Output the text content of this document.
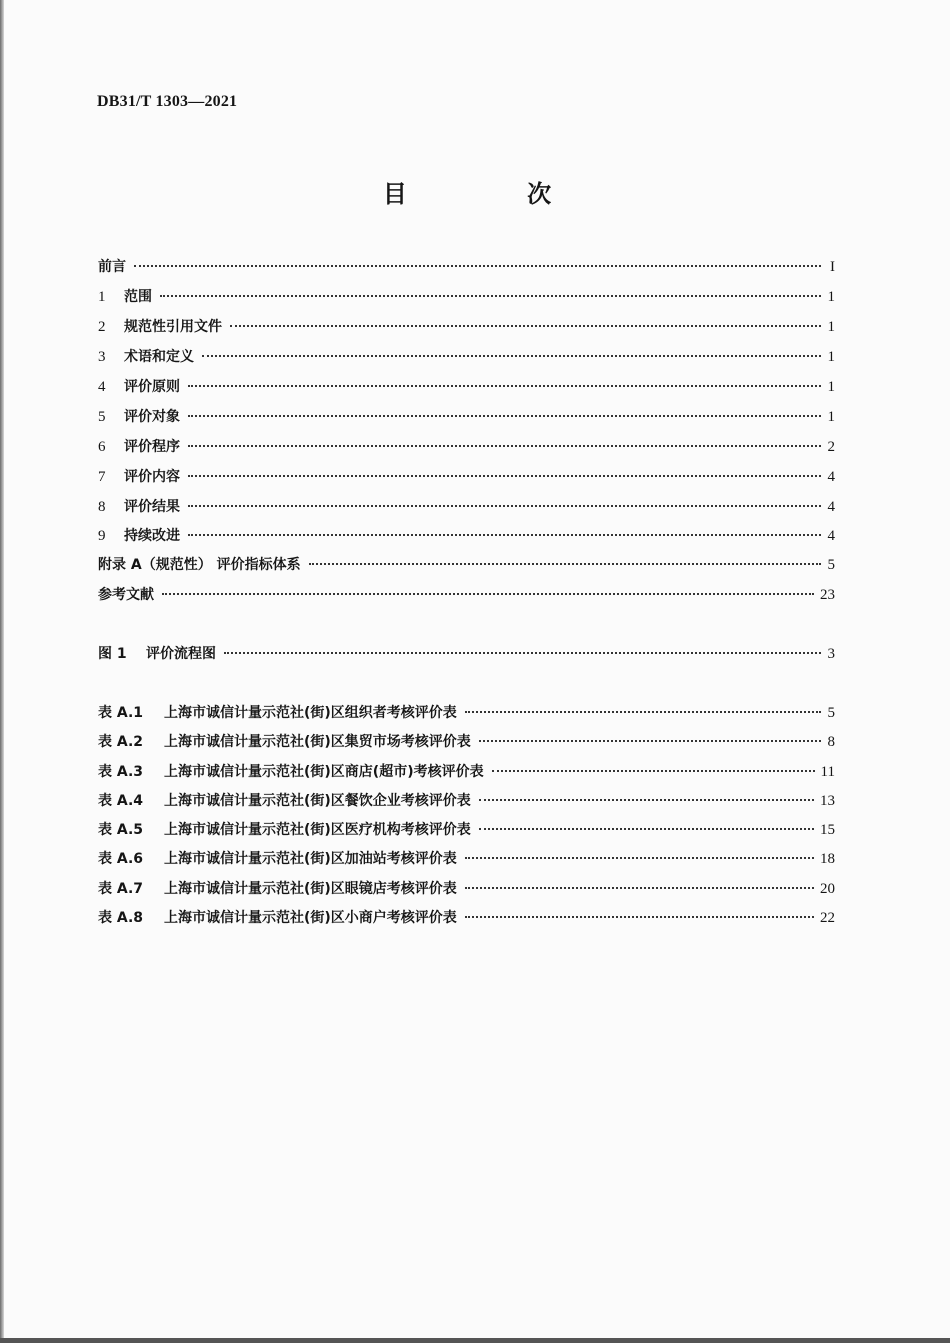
DB31/T 1303—2021
目 次
前言	I
1	范围	1
2	规范性引用文件	1
3	术语和定义	1
4	评价原则	1
5	评价对象	1
6	评价程序	2
7	评价内容	4
8	评价结果	4
9	持续改进	4
附录 A（规范性） 评价指标体系	5
参考文献	23
图 1	评价流程图	3
表 A.1	上海市诚信计量示范社(街)区组织者考核评价表	5
表 A.2	上海市诚信计量示范社(街)区集贸市场考核评价表	8
表 A.3	上海市诚信计量示范社(街)区商店(超市)考核评价表	11
表 A.4	上海市诚信计量示范社(街)区餐饮企业考核评价表	13
表 A.5	上海市诚信计量示范社(街)区医疗机构考核评价表	15
表 A.6	上海市诚信计量示范社(街)区加油站考核评价表	18
表 A.7	上海市诚信计量示范社(街)区眼镜店考核评价表	20
表 A.8	上海市诚信计量示范社(街)区小商户考核评价表	22
